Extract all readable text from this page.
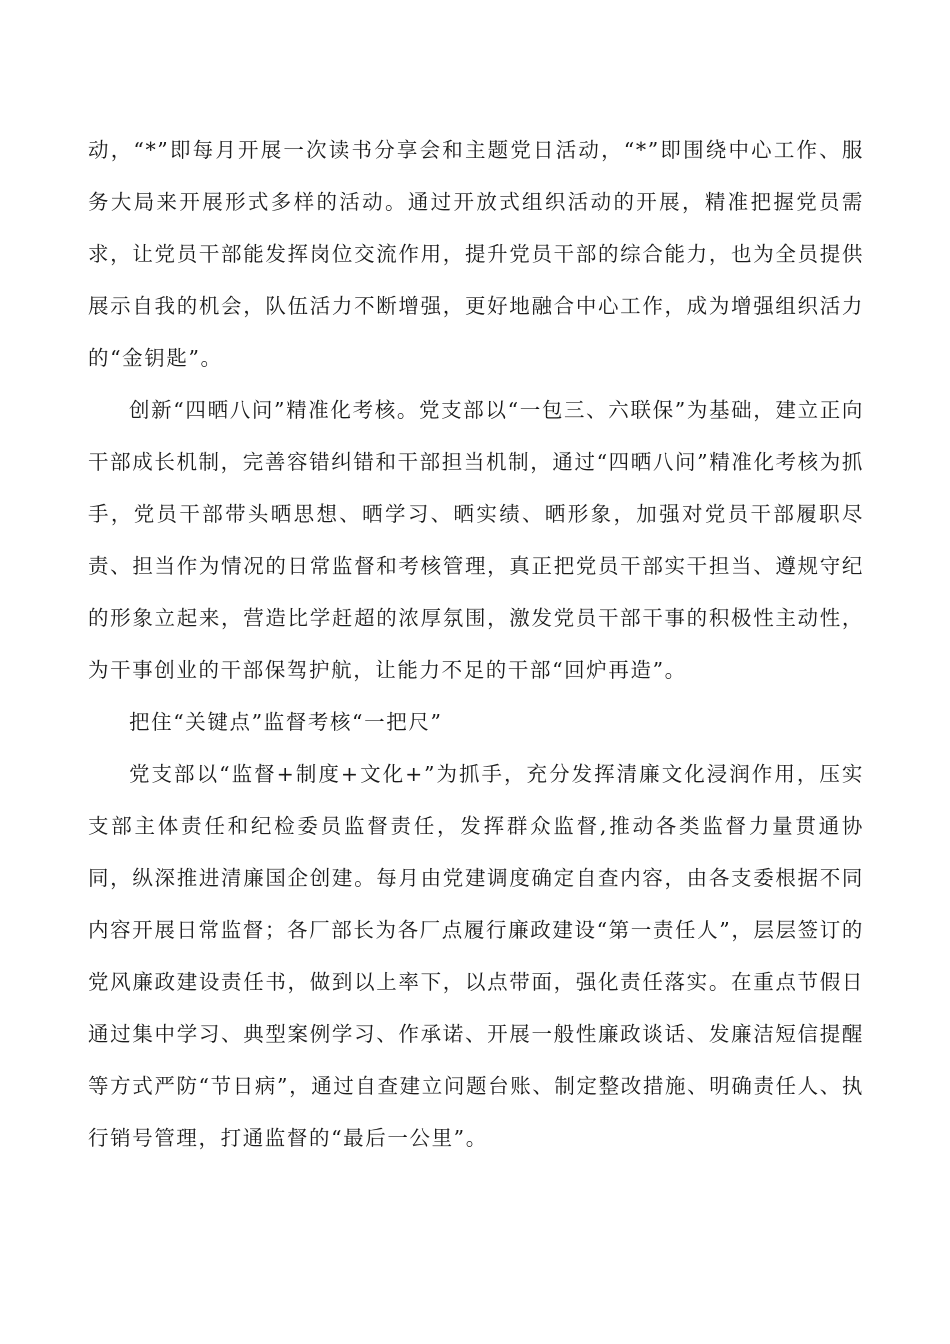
动，“*”即每月开展一次读书分享会和主题党日活动，“*”即围绕中心工作、服务大局来开展形式多样的活动。通过开放式组织活动的开展，精准把握党员需求，让党员干部能发挥岗位交流作用，提升党员干部的综合能力，也为全员提供展示自我的机会，队伍活力不断增强，更好地融合中心工作，成为增强组织活力的“金钥匙”。

创新“四晒八问”精准化考核。党支部以“一包三、六联保”为基础，建立正向干部成长机制，完善容错纠错和干部担当机制，通过“四晒八问”精准化考核为抓手，党员干部带头晒思想、晒学习、晒实绩、晒形象，加强对党员干部履职尽责、担当作为情况的日常监督和考核管理，真正把党员干部实干担当、遵规守纪的形象立起来，营造比学赶超的浓厚氛围，激发党员干部干事的积极性主动性，为干事创业的干部保驾护航，让能力不足的干部“回炉再造”。

把住“关键点”监督考核“一把尺”

党支部以“监督+制度+文化+”为抓手，充分发挥清廉文化浸润作用，压实支部主体责任和纪检委员监督责任，发挥群众监督,推动各类监督力量贯通协同，纵深推进清廉国企创建。每月由党建调度确定自查内容，由各支委根据不同内容开展日常监督；各厂部长为各厂点履行廉政建设“第一责任人”，层层签订的党风廉政建设责任书，做到以上率下，以点带面，强化责任落实。在重点节假日通过集中学习、典型案例学习、作承诺、开展一般性廉政谈话、发廉洁短信提醒等方式严防“节日病”，通过自查建立问题台账、制定整改措施、明确责任人、执行销号管理，打通监督的“最后一公里”。
